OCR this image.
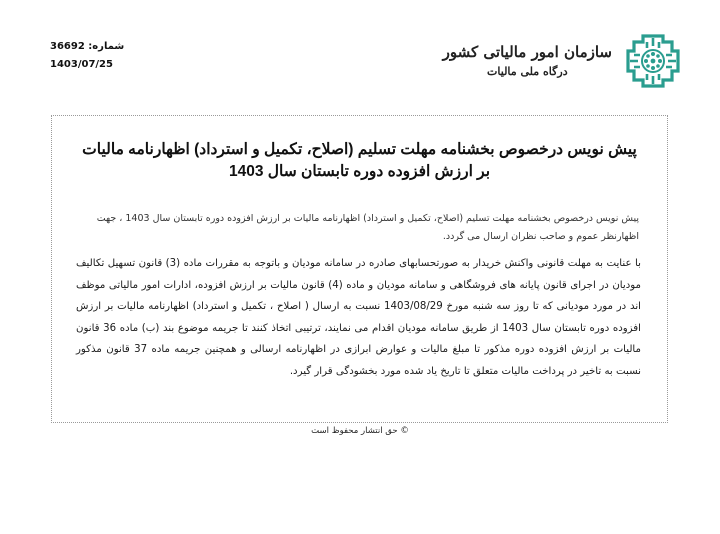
شماره: 36692
1403/07/25
سازمان امور مالیاتی کشور
درگاه ملی مالیات
پیش نویس درخصوص بخشنامه مهلت تسلیم (اصلاح، تکمیل و استرداد) اظهارنامه مالیات بر ارزش افزوده دوره تابستان سال 1403
پیش نویس درخصوص بخشنامه مهلت تسلیم (اصلاح، تکمیل و استرداد) اظهارنامه مالیات بر ارزش افزوده دوره تابستان سال 1403 ، جهت اظهارنظر عموم و صاحب نظران ارسال می گردد.
با عنایت به مهلت قانونی واکنش خریدار به صورتحسابهای صادره در سامانه مودیان و باتوجه به مقررات ماده (3) قانون تسهیل تکالیف مودیان در اجرای قانون پایانه های فروشگاهی و سامانه مودیان و ماده (4) قانون مالیات بر ارزش افزوده، ادارات امور مالیاتی موظف اند در مورد مودیانی که تا روز سه شنبه مورخ 1403/08/29 نسبت به ارسال ( اصلاح ، تکمیل و استرداد) اظهارنامه مالیات بر ارزش افزوده دوره تابستان سال 1403 از طریق سامانه مودیان اقدام می نمایند، ترتیبی اتخاذ کنند تا جریمه موضوع بند (ب) ماده 36 قانون مالیات بر ارزش افزوده دوره مذکور تا مبلغ مالیات و عوارض ابرازی در اظهارنامه ارسالی و همچنین جریمه ماده 37 قانون مذکور نسبت به تاخیر در پرداخت مالیات متعلق تا تاریخ یاد شده مورد بخشودگی قرار گیرد.
© حق انتشار محفوظ است
